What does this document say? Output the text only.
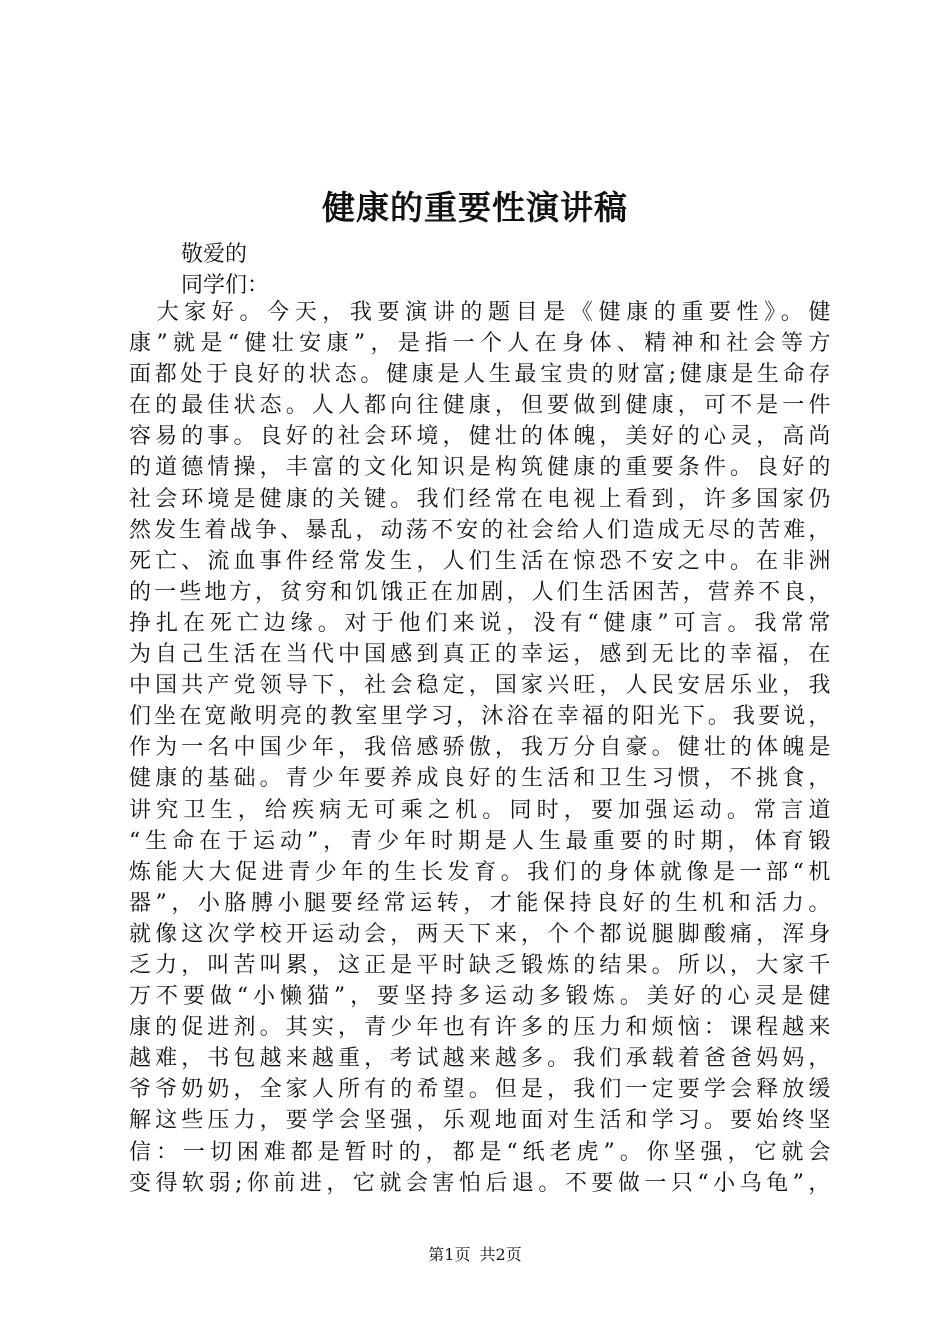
健康的重要性演讲稿

敬爱的

同学们：

　大家好。今天，我要演讲的题目是《健康的重要性》。健
康”就是“健壮安康”，是指一个人在身体、精神和社会等方
面都处于良好的状态。健康是人生最宝贵的财富;健康是生命存
在的最佳状态。人人都向往健康，但要做到健康，可不是一件
容易的事。良好的社会环境，健壮的体魄，美好的心灵，高尚
的道德情操，丰富的文化知识是构筑健康的重要条件。良好的
社会环境是健康的关键。我们经常在电视上看到，许多国家仍
然发生着战争、暴乱，动荡不安的社会给人们造成无尽的苦难，
死亡、流血事件经常发生，人们生活在惊恐不安之中。在非洲
的一些地方，贫穷和饥饿正在加剧，人们生活困苦，营养不良，
挣扎在死亡边缘。对于他们来说，没有“健康”可言。我常常
为自己生活在当代中国感到真正的幸运，感到无比的幸福，在
中国共产党领导下，社会稳定，国家兴旺，人民安居乐业，我
们坐在宽敞明亮的教室里学习，沐浴在幸福的阳光下。我要说，
作为一名中国少年，我倍感骄傲，我万分自豪。健壮的体魄是
健康的基础。青少年要养成良好的生活和卫生习惯，不挑食，
讲究卫生，给疾病无可乘之机。同时，要加强运动。常言道
“生命在于运动”，青少年时期是人生最重要的时期，体育锻
炼能大大促进青少年的生长发育。我们的身体就像是一部“机
器”，小胳膊小腿要经常运转，才能保持良好的生机和活力。
就像这次学校开运动会，两天下来，个个都说腿脚酸痛，浑身
乏力，叫苦叫累，这正是平时缺乏锻炼的结果。所以，大家千
万不要做“小懒猫”，要坚持多运动多锻炼。美好的心灵是健
康的促进剂。其实，青少年也有许多的压力和烦恼：课程越来
越难，书包越来越重，考试越来越多。我们承载着爸爸妈妈，
爷爷奶奶，全家人所有的希望。但是，我们一定要学会释放缓
解这些压力，要学会坚强，乐观地面对生活和学习。要始终坚
信：一切困难都是暂时的，都是“纸老虎”。你坚强，它就会
变得软弱;你前进，它就会害怕后退。不要做一只“小乌龟”，

第1页 共2页
